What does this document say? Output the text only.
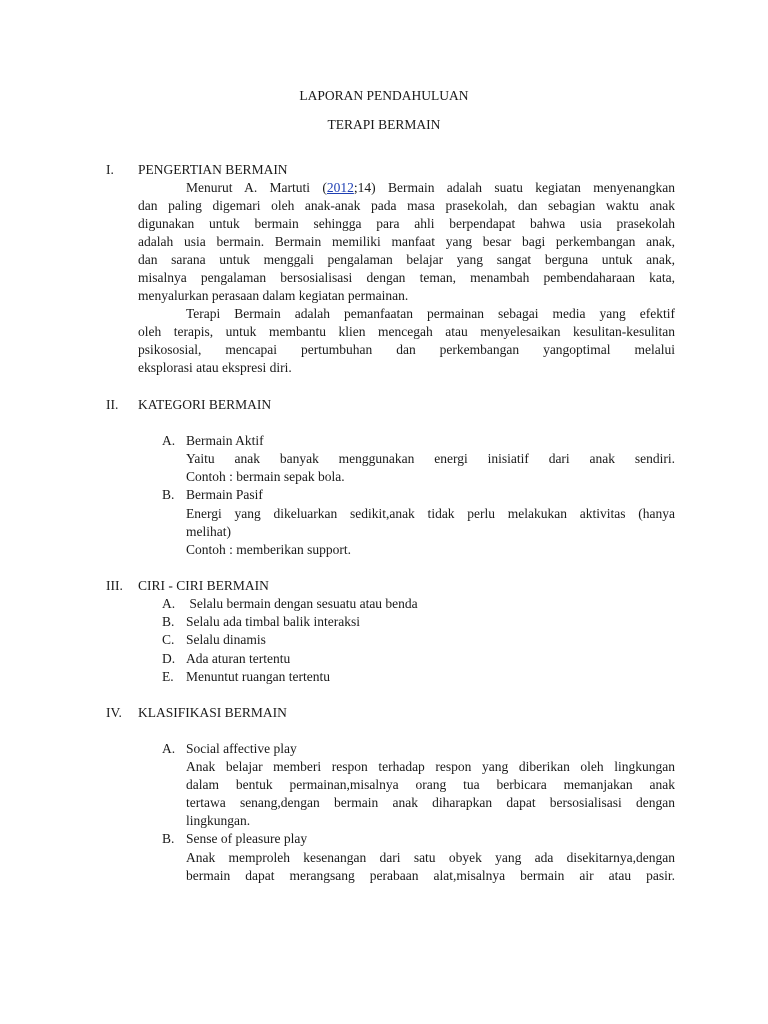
LAPORAN PENDAHULUAN
TERAPI BERMAIN
I. PENGERTIAN BERMAIN
Menurut A. Martuti (2012;14) Bermain adalah suatu kegiatan menyenangkan
dan paling digemari oleh anak-anak pada masa prasekolah, dan sebagian waktu anak
digunakan untuk bermain sehingga para ahli berpendapat bahwa usia prasekolah
adalah usia bermain. Bermain memiliki manfaat yang besar bagi perkembangan anak,
dan sarana untuk menggali pengalaman belajar yang sangat berguna untuk anak,
misalnya pengalaman bersosialisasi dengan teman, menambah pembendaharaan kata,
menyalurkan perasaan dalam kegiatan permainan.
Terapi Bermain adalah pemanfaatan permainan sebagai media yang efektif
oleh terapis, untuk membantu klien mencegah atau menyelesaikan kesulitan-kesulitan
psikososial, mencapai pertumbuhan dan perkembangan yangoptimal melalui
eksplorasi atau ekspresi diri.
II. KATEGORI BERMAIN
A. Bermain Aktif
Yaitu anak banyak menggunakan energi inisiatif dari anak sendiri.
Contoh : bermain sepak bola.
B. Bermain Pasif
Energi yang dikeluarkan sedikit,anak tidak perlu melakukan aktivitas (hanya
melihat)
Contoh : memberikan support.
III. CIRI - CIRI BERMAIN
A. Selalu bermain dengan sesuatu atau benda
B. Selalu ada timbal balik interaksi
C. Selalu dinamis
D. Ada aturan tertentu
E. Menuntut ruangan tertentu
IV. KLASIFIKASI BERMAIN
A. Social affective play
Anak belajar memberi respon terhadap respon yang diberikan oleh lingkungan
dalam bentuk permainan,misalnya orang tua berbicara memanjakan anak
tertawa senang,dengan bermain anak diharapkan dapat bersosialisasi dengan
lingkungan.
B. Sense of pleasure play
Anak memproleh kesenangan dari satu obyek yang ada disekitarnya,dengan
bermain dapat merangsang perabaan alat,misalnya bermain air atau pasir.
